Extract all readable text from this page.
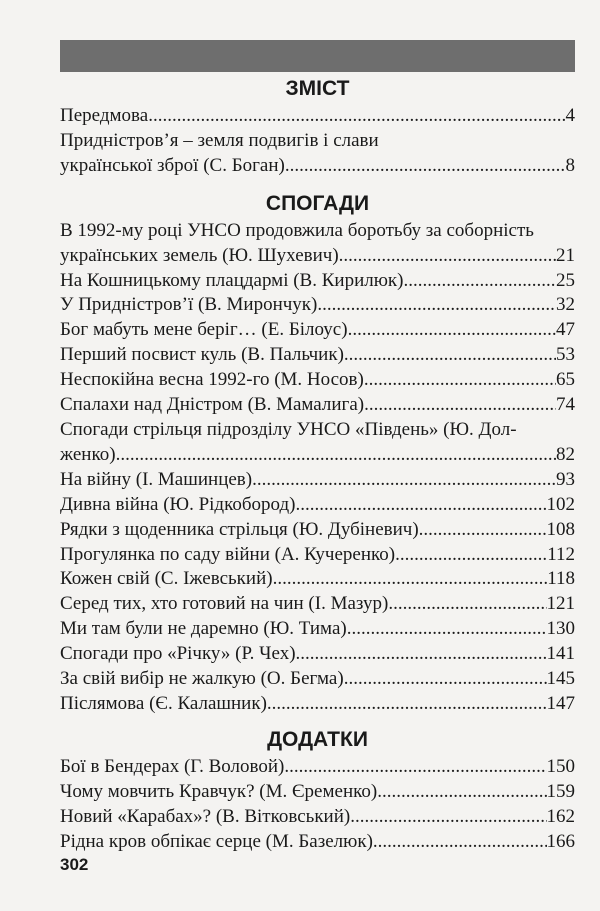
ЗМІСТ
Передмова .....	4
Придністров’я – земля подвигів і слави
української зброї (С. Боган) .....	8
СПОГАДИ
В 1992-му році УНСО продовжила боротьбу за соборність
українських земель (Ю. Шухевич) .....	21
На Кошницькому плацдармі (В. Кирилюк) .....	25
У Придністров’ї (В. Мирончук) .....	32
Бог мабуть мене беріг… (Е. Білоус) .....	47
Перший посвист куль (В. Пальчик) .....	53
Неспокійна весна 1992-го (М. Носов) .....	65
Спалахи над Дністром (В. Мамалига) .....	74
Спогади стрільця підрозділу УНСО «Південь» (Ю. Дол-
женко) .....	82
На війну (І. Машинцев) .....	93
Дивна війна (Ю. Рідкобород) .....	102
Рядки з щоденника стрільця (Ю. Дубіневич) .....	108
Прогулянка по саду війни (А. Кучеренко) .....	112
Кожен свій (С. Іжевський) .....	118
Серед тих, хто готовий на чин (І. Мазур) .....	121
Ми там були не даремно (Ю. Тима) .....	130
Спогади про «Річку» (Р. Чех) .....	141
За свій вибір не жалкую (О. Бегма) .....	145
Післямова (Є. Калашник) .....	147
ДОДАТКИ
Бої в Бендерах (Г. Воловой) .....	150
Чому мовчить Кравчук? (М. Єременко) .....	159
Новий «Карабах»? (В. Вітковський) .....	162
Рідна кров обпікає серце (М. Базелюк) .....	166
302
